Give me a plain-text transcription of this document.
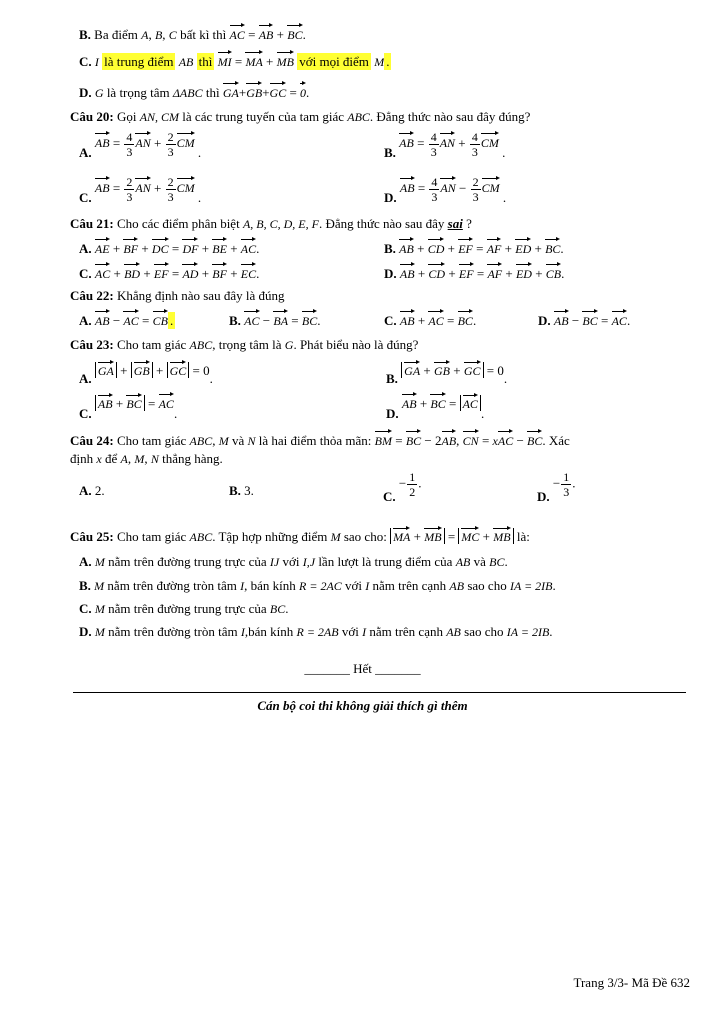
B. Ba điểm A, B, C bất kì thì AC = AB + BC.
C. I là trung điểm AB thì MI = MA + MB với mọi điểm M .
D. G là trọng tâm ΔABC thì GA+GB+GC = 0.
Câu 20: Gọi AN, CM là các trung tuyến của tam giác ABC. Đẳng thức nào sau đây đúng?
A. AB = $\frac{4}{3}$ AN + $\frac{2}{3}$ CM .	B. AB = $\frac{4}{3}$ AN + $\frac{4}{3}$ CM .
C. AB = $\frac{2}{3}$ AN + $\frac{2}{3}$ CM .	D. AB = $\frac{4}{3}$ AN − $\frac{2}{3}$ CM .
Câu 21: Cho các điểm phân biệt A, B, C, D, E, F. Đẳng thức nào sau đây sai ?
A. AE + BF + DC = DF + BE + AC.	B. AB + CD + EF = AF + ED + BC.
C. AC + BD + EF = AD + BF + EC.	D. AB + CD + EF = AF + ED + CB.
Câu 22: Khẳng định nào sau đây là đúng
A. AB − AC = CB .	B. AC − BA = BC.	C. AB + AC = BC.	D. AB − BC = AC.
Câu 23: Cho tam giác ABC, trọng tâm là G. Phát biểu nào là đúng?
A. GA + GB + GC = 0.	B. GA + GB + GC = 0.
C. AB + BC = AC.	D. AB + BC = AC.
Câu 24: Cho tam giác ABC, M và N là hai điểm thỏa mãn: BM = BC − 2AB, CN = xAC − BC. Xác
định x để A, M, N thẳng hàng.
A. 2.	B. 3.	C. − $\frac{1}{2}$ .
D. − $\frac{1}{3}$ .
Câu 25: Cho tam giác ABC. Tập hợp những điểm M sao cho: MA + MB = MC + MB là:
A. M nằm trên đường trung trực của IJ với I,J lần lượt là trung điểm của AB và BC.
B. M nằm trên đường tròn tâm I, bán kính R = 2AC với I nằm trên cạnh AB sao cho IA = 2IB.
C. M nằm trên đường trung trực của BC.
D. M nằm trên đường tròn tâm I,bán kính R = 2AB với I nằm trên cạnh AB sao cho IA = 2IB.
_______ Hết _______
Cán bộ coi thi không giải thích gì thêm
Trang 3/3- Mã Đề 632
